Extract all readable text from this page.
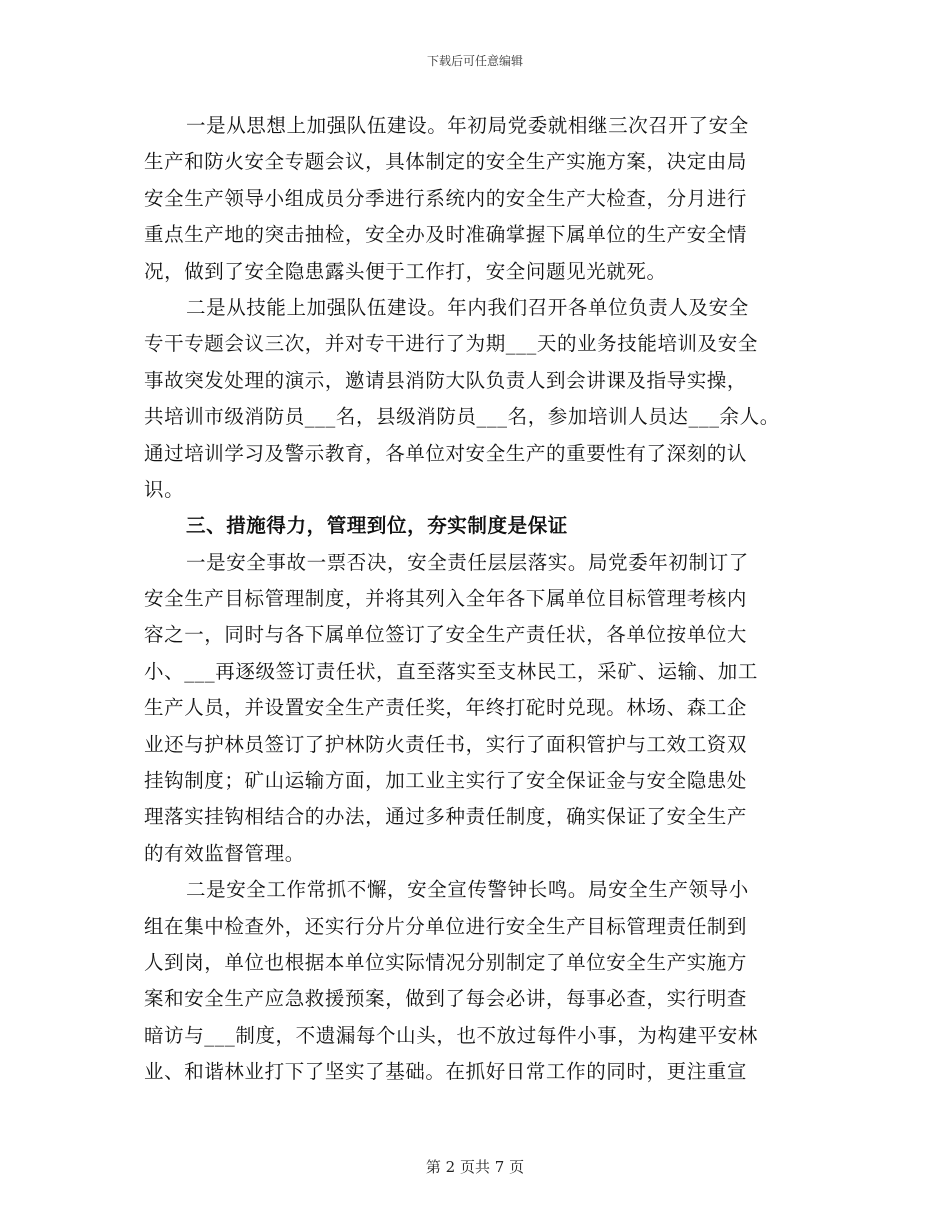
下载后可任意编辑
一是从思想上加强队伍建设。年初局党委就相继三次召开了安全
生产和防火安全专题会议，具体制定的安全生产实施方案，决定由局
安全生产领导小组成员分季进行系统内的安全生产大检查，分月进行
重点生产地的突击抽检，安全办及时准确掌握下属单位的生产安全情
况，做到了安全隐患露头便于工作打，安全问题见光就死。
二是从技能上加强队伍建设。年内我们召开各单位负责人及安全
专干专题会议三次，并对专干进行了为期___天的业务技能培训及安全
事故突发处理的演示，邀请县消防大队负责人到会讲课及指导实操，
共培训市级消防员___名，县级消防员___名，参加培训人员达___余人。
通过培训学习及警示教育，各单位对安全生产的重要性有了深刻的认
识。
三、措施得力，管理到位，夯实制度是保证
一是安全事故一票否决，安全责任层层落实。局党委年初制订了
安全生产目标管理制度，并将其列入全年各下属单位目标管理考核内
容之一，同时与各下属单位签订了安全生产责任状，各单位按单位大
小、___再逐级签订责任状，直至落实至支林民工，采矿、运输、加工
生产人员，并设置安全生产责任奖，年终打砣时兑现。林场、森工企
业还与护林员签订了护林防火责任书，实行了面积管护与工效工资双
挂钩制度；矿山运输方面，加工业主实行了安全保证金与安全隐患处
理落实挂钩相结合的办法，通过多种责任制度，确实保证了安全生产
的有效监督管理。
二是安全工作常抓不懈，安全宣传警钟长鸣。局安全生产领导小
组在集中检查外，还实行分片分单位进行安全生产目标管理责任制到
人到岗，单位也根据本单位实际情况分别制定了单位安全生产实施方
案和安全生产应急救援预案，做到了每会必讲，每事必查，实行明查
暗访与___制度，不遗漏每个山头，也不放过每件小事，为构建平安林
业、和谐林业打下了坚实了基础。在抓好日常工作的同时，更注重宣
第 2 页共 7 页
